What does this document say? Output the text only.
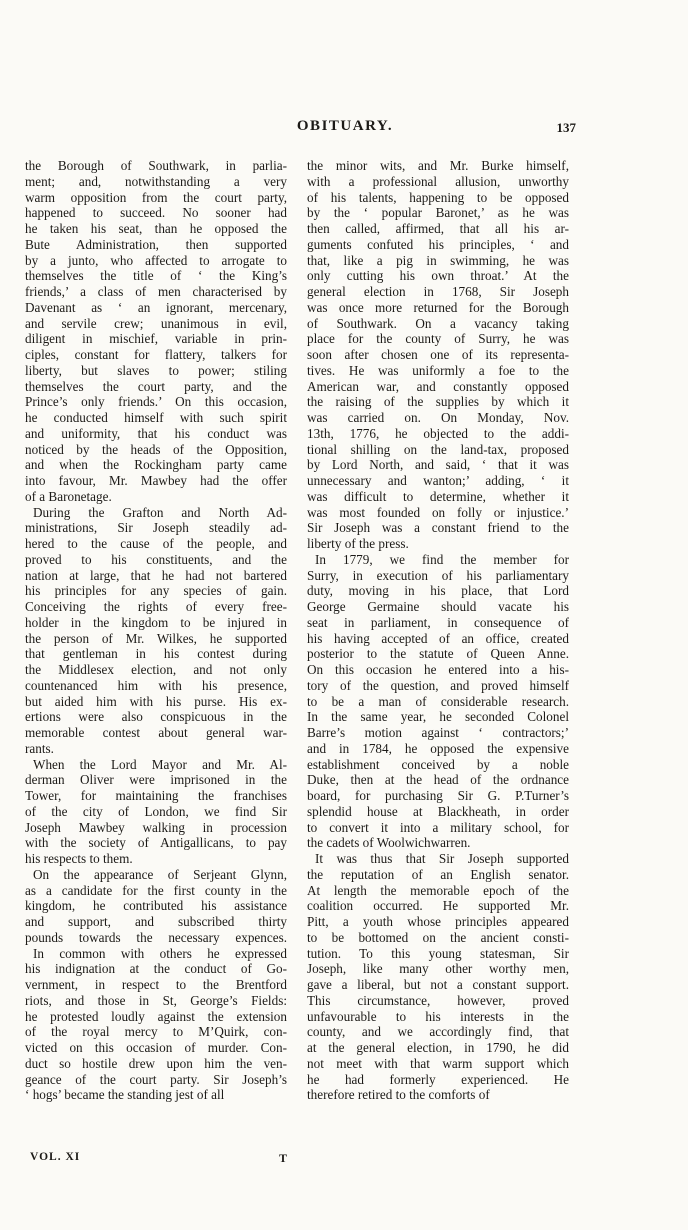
OBITUARY.	137
the Borough of Southwark, in parlia-
ment; and, notwithstanding a very
warm opposition from the court party,
happened to succeed. No sooner had
he taken his seat, than he opposed the
Bute Administration, then supported
by a junto, who affected to arrogate to
themselves the title of ‘ the King’s
friends,’ a class of men characterised by
Davenant as ‘ an ignorant, mercenary,
and servile crew; unanimous in evil,
diligent in mischief, variable in prin-
ciples, constant for flattery, talkers for
liberty, but slaves to power; stiling
themselves the court party, and the
Prince’s only friends.’ On this occasion,
he conducted himself with such spirit
and uniformity, that his conduct was
noticed by the heads of the Opposition,
and when the Rockingham party came
into favour, Mr. Mawbey had the offer
of a Baronetage.
During the Grafton and North Ad-
ministrations, Sir Joseph steadily ad-
hered to the cause of the people, and
proved to his constituents, and the
nation at large, that he had not bartered
his principles for any species of gain.
Conceiving the rights of every free-
holder in the kingdom to be injured in
the person of Mr. Wilkes, he supported
that gentleman in his contest during
the Middlesex election, and not only
countenanced him with his presence,
but aided him with his purse. His ex-
ertions were also conspicuous in the
memorable contest about general war-
rants.
When the Lord Mayor and Mr. Al-
derman Oliver were imprisoned in the
Tower, for maintaining the franchises
of the city of London, we find Sir
Joseph Mawbey walking in procession
with the society of Antigallicans, to pay
his respects to them.
On the appearance of Serjeant Glynn,
as a candidate for the first county in the
kingdom, he contributed his assistance
and support, and subscribed thirty
pounds towards the necessary expences.
In common with others he expressed
his indignation at the conduct of Go-
vernment, in respect to the Brentford
riots, and those in St, George’s Fields:
he protested loudly against the extension
of the royal mercy to M’Quirk, con-
victed on this occasion of murder. Con-
duct so hostile drew upon him the ven-
geance of the court party. Sir Joseph’s
‘ hogs’ became the standing jest of all
the minor wits, and Mr. Burke himself,
with a professional allusion, unworthy
of his talents, happening to be opposed
by the ‘ popular Baronet,’ as he was
then called, affirmed, that all his ar-
guments confuted his principles, ‘ and
that, like a pig in swimming, he was
only cutting his own throat.’ At the
general election in 1768, Sir Joseph
was once more returned for the Borough
of Southwark. On a vacancy taking
place for the county of Surry, he was
soon after chosen one of its representa-
tives. He was uniformly a foe to the
American war, and constantly opposed
the raising of the supplies by which it
was carried on. On Monday, Nov.
13th, 1776, he objected to the addi-
tional shilling on the land-tax, proposed
by Lord North, and said, ‘ that it was
unnecessary and wanton;’ adding, ‘ it
was difficult to determine, whether it
was most founded on folly or injustice.’
Sir Joseph was a constant friend to the
liberty of the press.
In 1779, we find the member for
Surry, in execution of his parliamentary
duty, moving in his place, that Lord
George Germaine should vacate his
seat in parliament, in consequence of
his having accepted of an office, created
posterior to the statute of Queen Anne.
On this occasion he entered into a his-
tory of the question, and proved himself
to be a man of considerable research.
In the same year, he seconded Colonel
Barre’s motion against ‘ contractors;’
and in 1784, he opposed the expensive
establishment conceived by a noble
Duke, then at the head of the ordnance
board, for purchasing Sir G. P.Turner’s
splendid house at Blackheath, in order
to convert it into a military school, for
the cadets of Woolwichwarren.
It was thus that Sir Joseph supported
the reputation of an English senator.
At length the memorable epoch of the
coalition occurred. He supported Mr.
Pitt, a youth whose principles appeared
to be bottomed on the ancient consti-
tution. To this young statesman, Sir
Joseph, like many other worthy men,
gave a liberal, but not a constant support.
This circumstance, however, proved
unfavourable to his interests in the
county, and we accordingly find, that
at the general election, in 1790, he did
not meet with that warm support which
he had formerly experienced. He
therefore retired to the comforts of
VOL. XI	T
